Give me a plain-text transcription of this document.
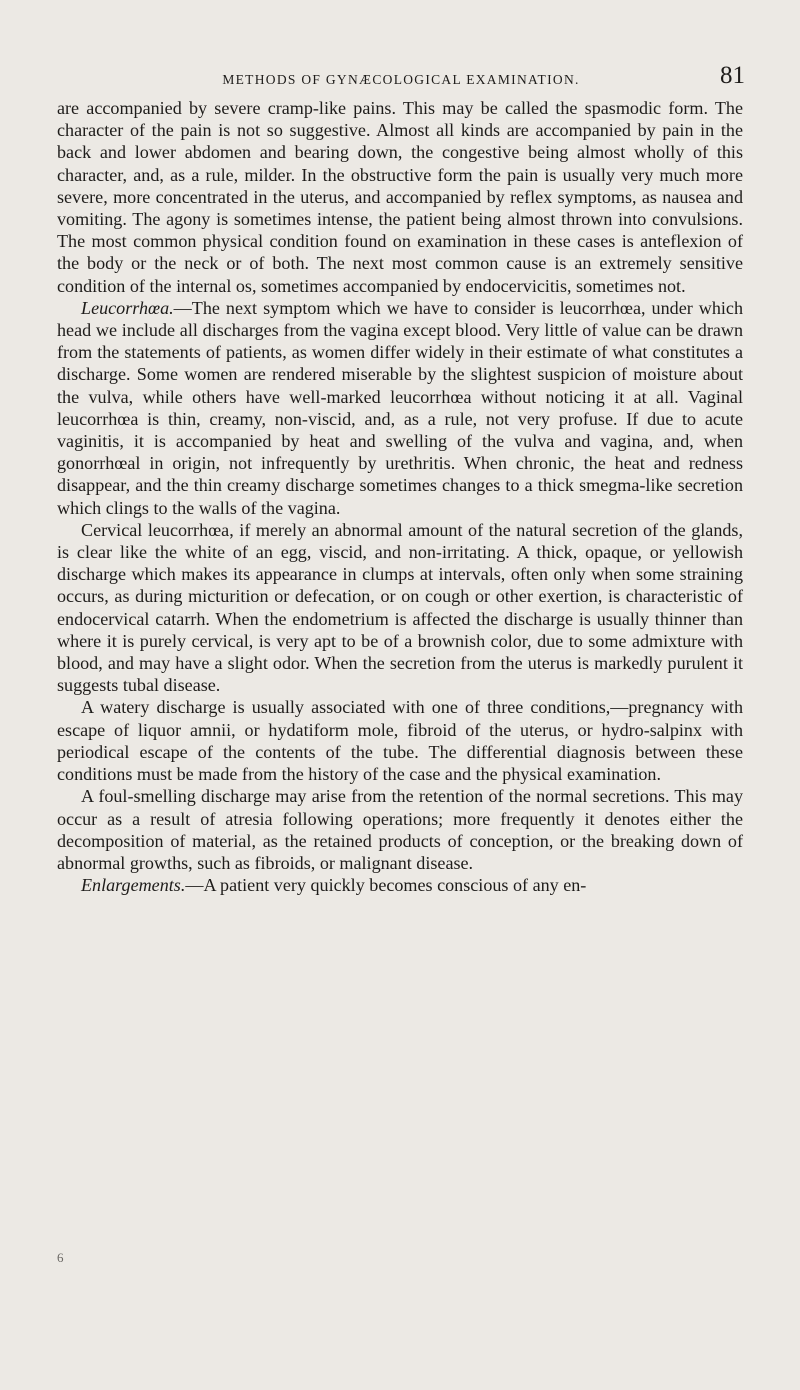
METHODS OF GYNÆCOLOGICAL EXAMINATION.	81

are accompanied by severe cramp-like pains. This may be called the spasmodic form. The character of the pain is not so suggestive. Almost all kinds are accompanied by pain in the back and lower abdomen and bearing down, the congestive being almost wholly of this character, and, as a rule, milder. In the obstructive form the pain is usually very much more severe, more concentrated in the uterus, and accompanied by reflex symptoms, as nausea and vomiting. The agony is sometimes intense, the patient being almost thrown into convulsions. The most common physical condition found on examination in these cases is anteflexion of the body or the neck or of both. The next most common cause is an extremely sensitive condition of the internal os, sometimes accompanied by endocervicitis, sometimes not.

Leucorrhœa.—The next symptom which we have to consider is leucorrhœa, under which head we include all discharges from the vagina except blood. Very little of value can be drawn from the statements of patients, as women differ widely in their estimate of what constitutes a discharge. Some women are rendered miserable by the slightest suspicion of moisture about the vulva, while others have well-marked leucorrhœa without noticing it at all. Vaginal leucorrhœa is thin, creamy, non-viscid, and, as a rule, not very profuse. If due to acute vaginitis, it is accompanied by heat and swelling of the vulva and vagina, and, when gonorrhœal in origin, not infrequently by urethritis. When chronic, the heat and redness disappear, and the thin creamy discharge sometimes changes to a thick smegma-like secretion which clings to the walls of the vagina.

Cervical leucorrhœa, if merely an abnormal amount of the natural secretion of the glands, is clear like the white of an egg, viscid, and non-irritating. A thick, opaque, or yellowish discharge which makes its appearance in clumps at intervals, often only when some straining occurs, as during micturition or defecation, or on cough or other exertion, is characteristic of endocervical catarrh. When the endometrium is affected the discharge is usually thinner than where it is purely cervical, is very apt to be of a brownish color, due to some admixture with blood, and may have a slight odor. When the secretion from the uterus is markedly purulent it suggests tubal disease.

A watery discharge is usually associated with one of three conditions,—pregnancy with escape of liquor amnii, or hydatiform mole, fibroid of the uterus, or hydro-salpinx with periodical escape of the contents of the tube. The differential diagnosis between these conditions must be made from the history of the case and the physical examination.

A foul-smelling discharge may arise from the retention of the normal secretions. This may occur as a result of atresia following operations; more frequently it denotes either the decomposition of material, as the retained products of conception, or the breaking down of abnormal growths, such as fibroids, or malignant disease.

Enlargements.—A patient very quickly becomes conscious of any en-

6
